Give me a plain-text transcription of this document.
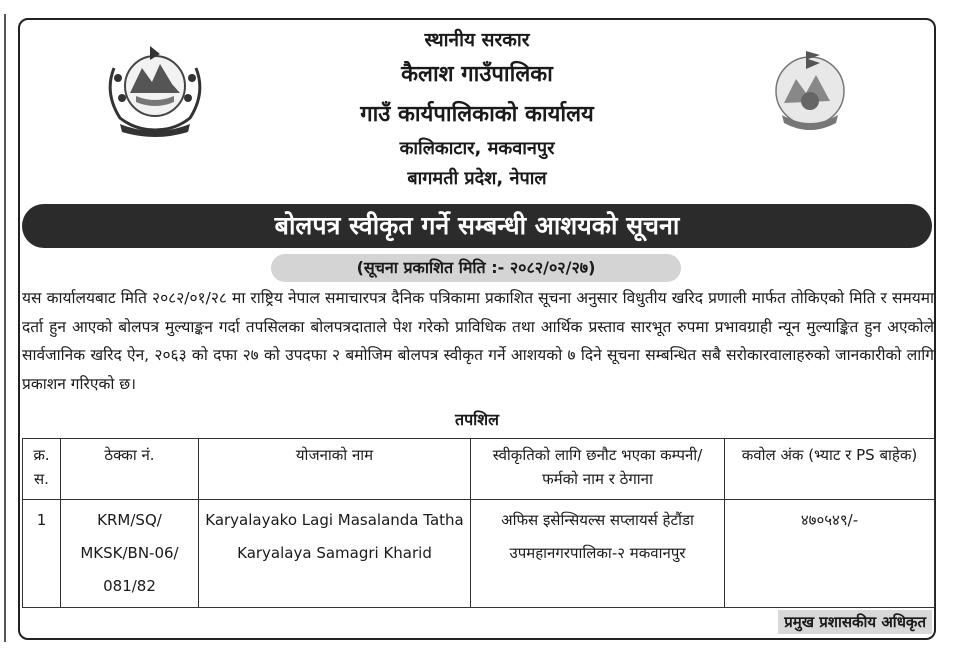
स्थानीय सरकार
कैलाश गाउँपालिका
गाउँ कार्यपालिकाको कार्यालय
कालिकाटार, मकवानपुर
बागमती प्रदेश, नेपाल
बोलपत्र स्वीकृत गर्ने सम्बन्धी आशयको सूचना
(सूचना प्रकाशित मिति :- २०८२/०२/२७)
यस कार्यालयबाट मिति २०८२/०१/२८ मा राष्ट्रिय नेपाल समाचारपत्र दैनिक पत्रिकामा प्रकाशित सूचना अनुसार विधुतीय खरिद प्रणाली मार्फत तोकिएको मिति र समयमा दर्ता हुन आएको बोलपत्र मुल्याङ्कन गर्दा तपसिलका बोलपत्रदाताले पेश गरेको प्राविधिक तथा आर्थिक प्रस्ताव सारभूत रुपमा प्रभावग्राही न्यून मुल्याङ्कित हुन अएकोले सार्वजानिक खरिद ऐन, २०६३ को दफा २७ को उपदफा २ बमोजिम बोलपत्र स्वीकृत गर्ने आशयको ७ दिने सूचना सम्बन्धित सबै सरोकारवालाहरुको जानकारीको लागि प्रकाशन गरिएको छ।
तपशिल
क्र. स.	ठेक्का नं.	योजनाको नाम	स्वीकृतिको लागि छनौट भएका कम्पनी/फर्मको नाम र ठेगाना	कवोल अंक (भ्याट र PS बाहेक)
1	KRM/SQ/ MKSK/BN-06/ 081/82	Karyalayako Lagi Masalanda Tatha Karyalaya Samagri Kharid	अफिस इसेन्सियल्स सप्लायर्स हेटौंडा उपमहानगरपालिका-२ मकवानपुर	४७०५४९/-
प्रमुख प्रशासकीय अधिकृत
